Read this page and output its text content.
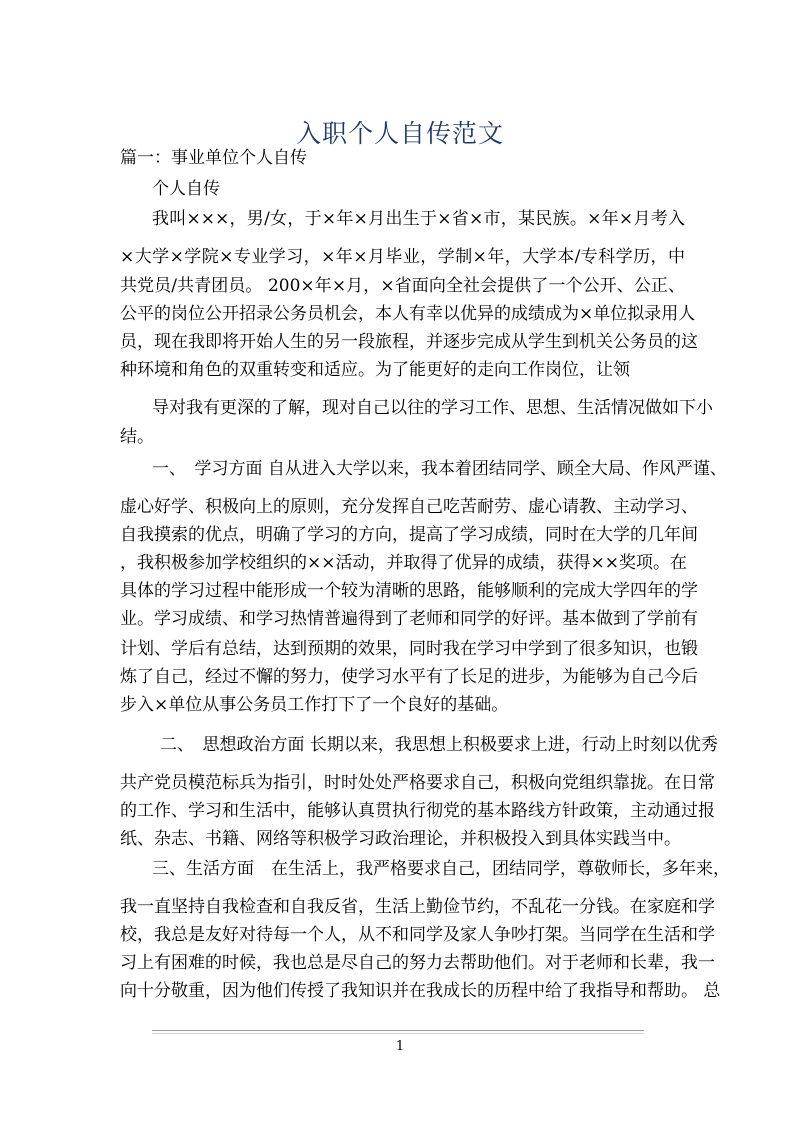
入职个人自传范文
篇一：事业单位个人自传
个人自传
我叫×××，男/女，于×年×月出生于×省×市，某民族。×年×月考入
×大学×学院×专业学习，×年×月毕业，学制×年，大学本/专科学历，中
共党员/共青团员。 200×年×月，×省面向全社会提供了一个公开、公正、
公平的岗位公开招录公务员机会，本人有幸以优异的成绩成为×单位拟录用人
员，现在我即将开始人生的另一段旅程，并逐步完成从学生到机关公务员的这
种环境和角色的双重转变和适应。为了能更好的走向工作岗位，让领
导对我有更深的了解，现对自己以往的学习工作、思想、生活情况做如下小
结。
一、　学习方面 自从进入大学以来，我本着团结同学、顾全大局、作风严谨、
虚心好学、积极向上的原则，充分发挥自己吃苦耐劳、虚心请教、主动学习、
自我摸索的优点，明确了学习的方向，提高了学习成绩，同时在大学的几年间
，我积极参加学校组织的××活动，并取得了优异的成绩，获得××奖项。在
具体的学习过程中能形成一个较为清晰的思路，能够顺利的完成大学四年的学
业。学习成绩、和学习热情普遍得到了老师和同学的好评。基本做到了学前有
计划、学后有总结，达到预期的效果，同时我在学习中学到了很多知识，也锻
炼了自己，经过不懈的努力，使学习水平有了长足的进步，为能够为自己今后
步入×单位从事公务员工作打下了一个良好的基础。
二、　思想政治方面 长期以来，我思想上积极要求上进，行动上时刻以优秀
共产党员模范标兵为指引，时时处处严格要求自己，积极向党组织靠拢。在日常
的工作、学习和生活中，能够认真贯执行彻党的基本路线方针政策，主动通过报
纸、杂志、书籍、网络等积极学习政治理论，并积极投入到具体实践当中。
三、生活方面　在生活上，我严格要求自己，团结同学，尊敬师长，多年来，
我一直坚持自我检查和自我反省，生活上勤俭节约，不乱花一分钱。在家庭和学
校，我总是友好对待每一个人，从不和同学及家人争吵打架。当同学在生活和学
习上有困难的时候，我也总是尽自己的努力去帮助他们。对于老师和长辈，我一
向十分敬重，因为他们传授了我知识并在我成长的历程中给了我指导和帮助。 总
1
